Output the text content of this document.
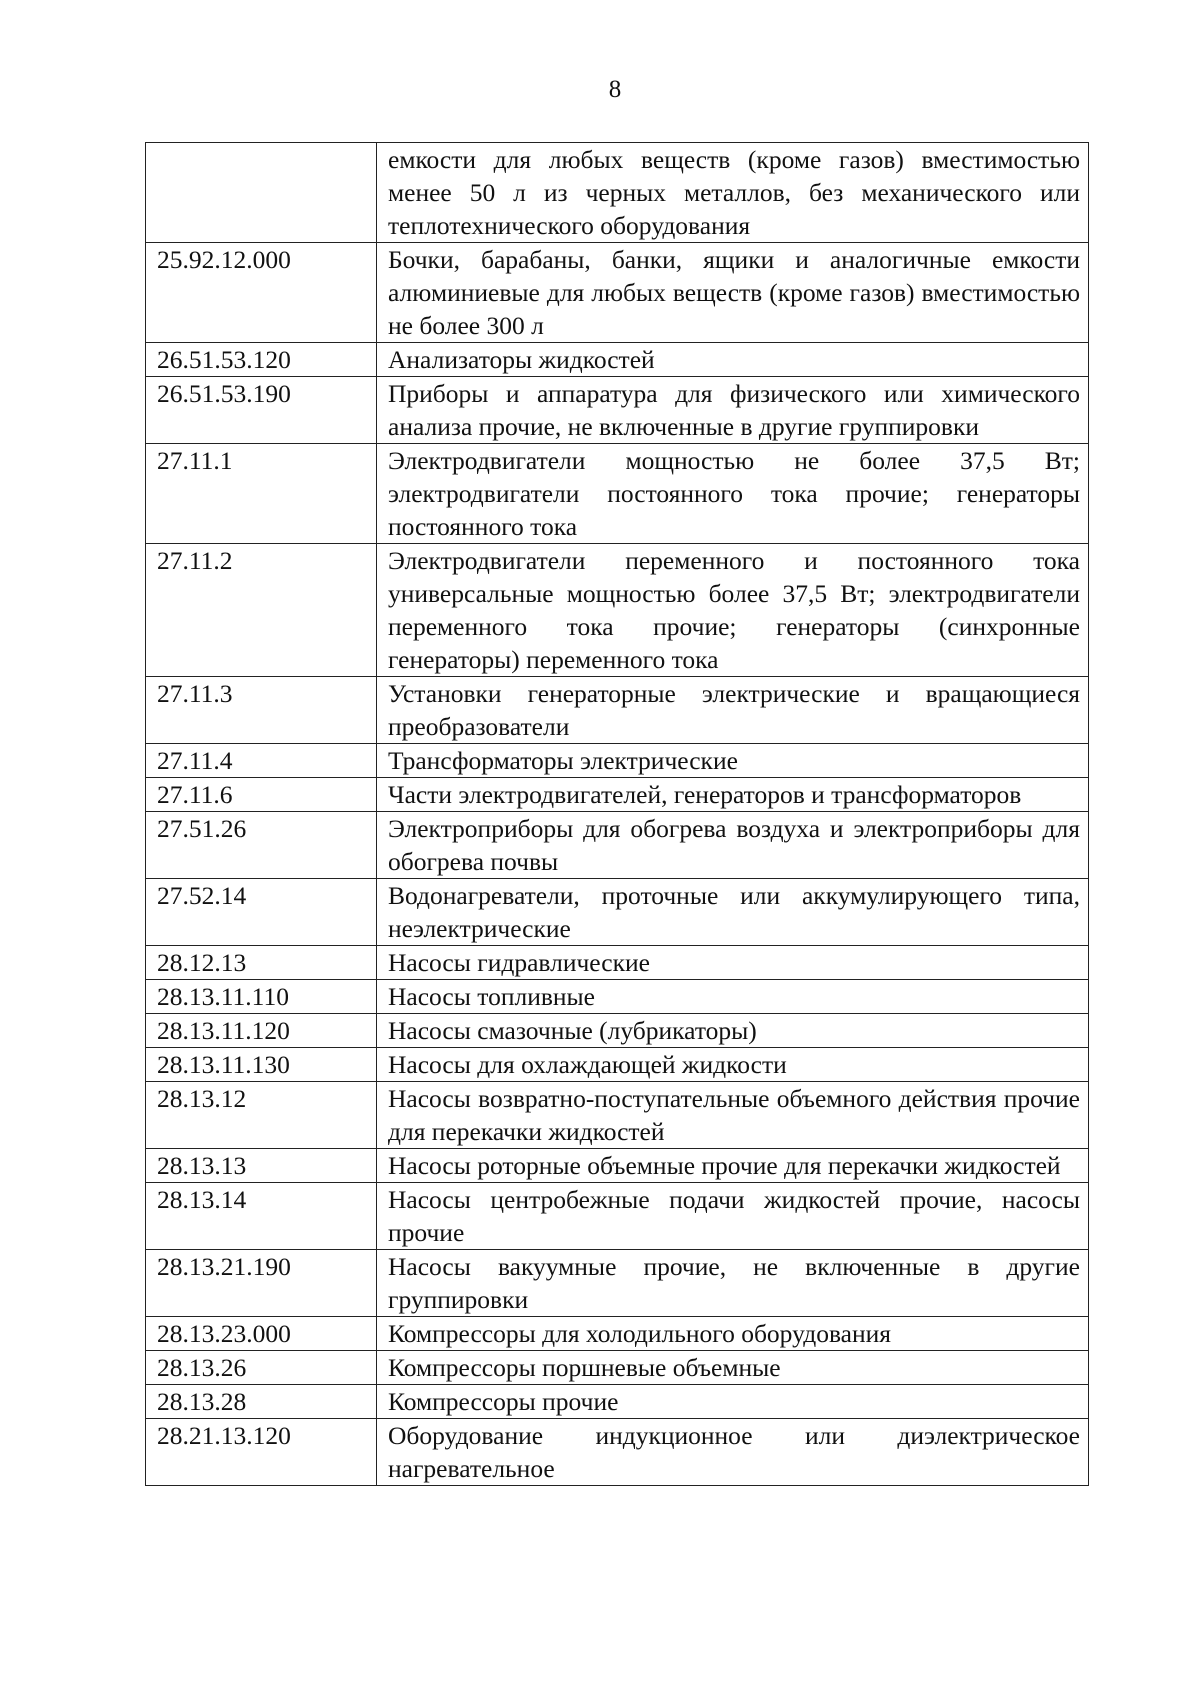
8
	емкости для любых веществ (кроме газов) вместимостью менее 50 л из черных металлов, без механического или теплотехнического оборудования
25.92.12.000	Бочки, барабаны, банки, ящики и аналогичные емкости алюминиевые для любых веществ (кроме газов) вместимостью не более 300 л
26.51.53.120	Анализаторы жидкостей
26.51.53.190	Приборы и аппаратура для физического или химического анализа прочие, не включенные в другие группировки
27.11.1	Электродвигатели мощностью не более 37,5 Вт; электродвигатели постоянного тока прочие; генераторы постоянного тока
27.11.2	Электродвигатели переменного и постоянного тока универсальные мощностью более 37,5 Вт; электродвигатели переменного тока прочие; генераторы (синхронные генераторы) переменного тока
27.11.3	Установки генераторные электрические и вращающиеся преобразователи
27.11.4	Трансформаторы электрические
27.11.6	Части электродвигателей, генераторов и трансформаторов
27.51.26	Электроприборы для обогрева воздуха и электроприборы для обогрева почвы
27.52.14	Водонагреватели, проточные или аккумулирующего типа, неэлектрические
28.12.13	Насосы гидравлические
28.13.11.110	Насосы топливные
28.13.11.120	Насосы смазочные (лубрикаторы)
28.13.11.130	Насосы для охлаждающей жидкости
28.13.12	Насосы возвратно-поступательные объемного действия прочие для перекачки жидкостей
28.13.13	Насосы роторные объемные прочие для перекачки жидкостей
28.13.14	Насосы центробежные подачи жидкостей прочие, насосы прочие
28.13.21.190	Насосы вакуумные прочие, не включенные в другие группировки
28.13.23.000	Компрессоры для холодильного оборудования
28.13.26	Компрессоры поршневые объемные
28.13.28	Компрессоры прочие
28.21.13.120	Оборудование индукционное или диэлектрическое нагревательное
